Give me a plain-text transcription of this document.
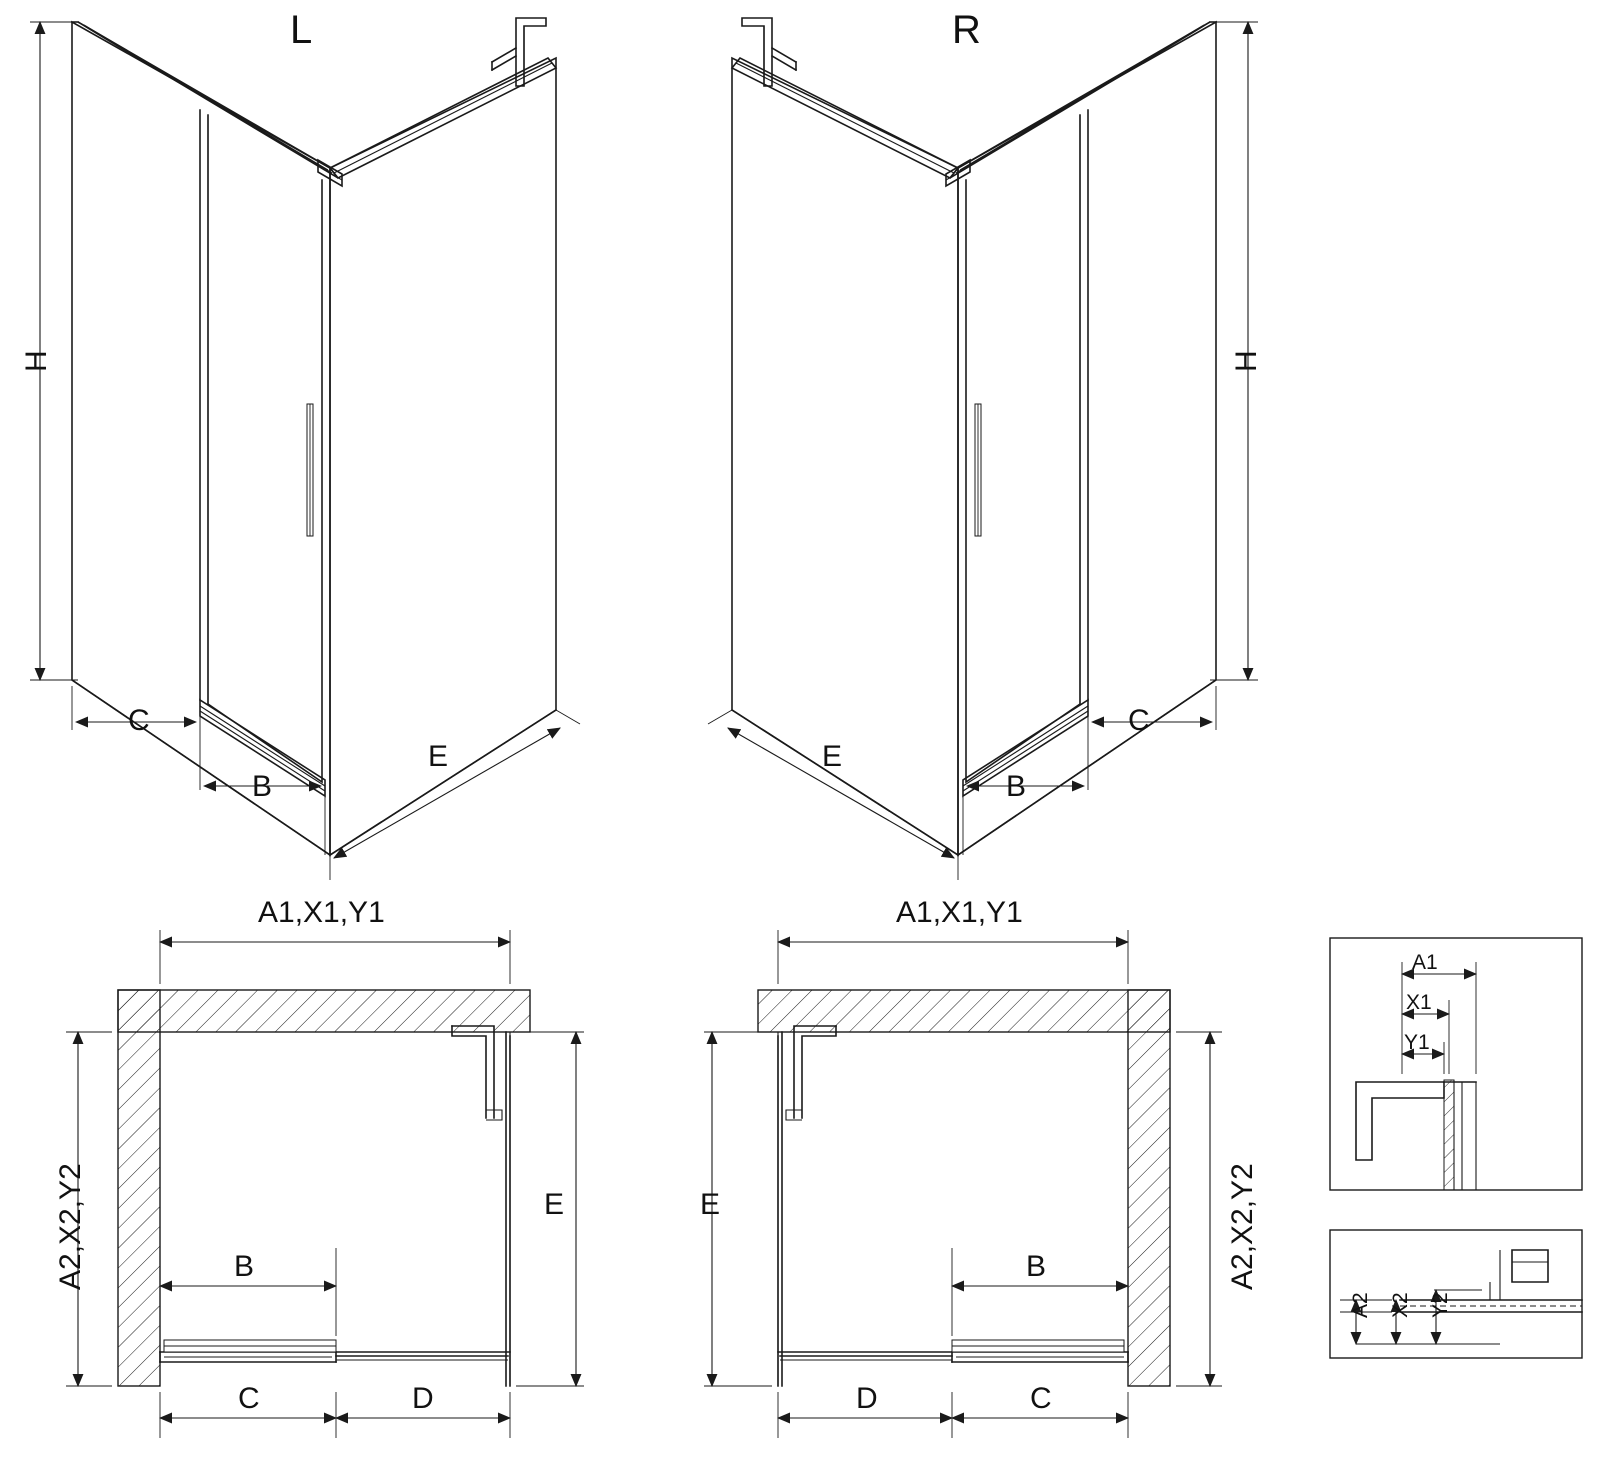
L	R
H
C
B
E
H
C
B
E
A1,X1,Y1
A2,X2,Y2	E
B
C	D
A1,X1,Y1
A2,X2,Y2
E
B
C
D
A1
X1
Y1
A2 X2 Y2
